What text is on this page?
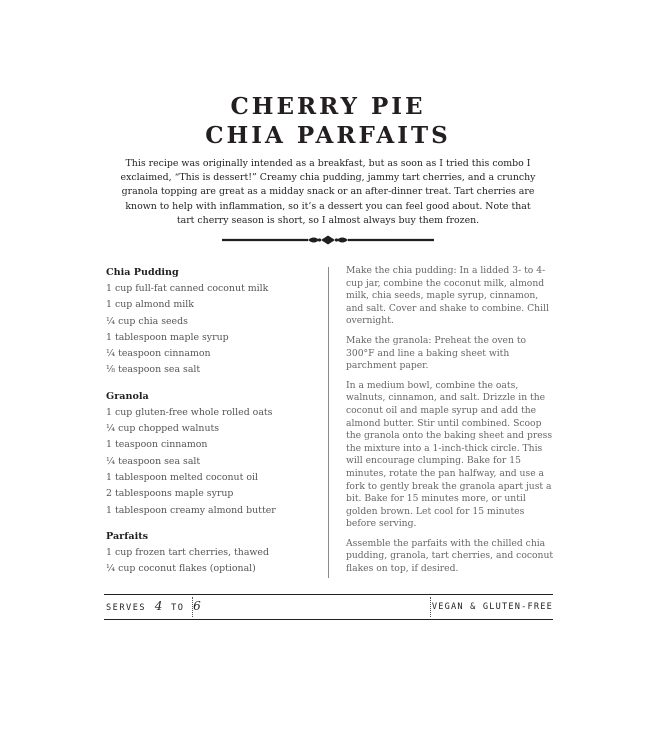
CHERRY PIE
CHIA PARFAITS
This recipe was originally intended as a breakfast, but as soon as I tried this combo I exclaimed, “This is dessert!” Creamy chia pudding, jammy tart cherries, and a crunchy granola topping are great as a midday snack or an after-dinner treat. Tart cherries are known to help with inflammation, so it’s a dessert you can feel good about. Note that tart cherry season is short, so I almost always buy them frozen.
Chia Pudding
1 cup full-fat canned coconut milk
1 cup almond milk
¼ cup chia seeds
1 tablespoon maple syrup
¼ teaspoon cinnamon
⅛ teaspoon sea salt
Granola
1 cup gluten-free whole rolled oats
¼ cup chopped walnuts
1 teaspoon cinnamon
¼ teaspoon sea salt
1 tablespoon melted coconut oil
2 tablespoons maple syrup
1 tablespoon creamy almond butter
Parfaits
1 cup frozen tart cherries, thawed
¼ cup coconut flakes (optional)

Make the chia pudding: In a lidded 3- to 4-cup jar, combine the coconut milk, almond milk, chia seeds, maple syrup, cinnamon, and salt. Cover and shake to combine. Chill overnight.

Make the granola: Preheat the oven to 300°F and line a baking sheet with parchment paper.

In a medium bowl, combine the oats, walnuts, cinnamon, and salt. Drizzle in the coconut oil and maple syrup and add the almond butter. Stir until combined. Scoop the granola onto the baking sheet and press the mixture into a 1-inch-thick circle. This will encourage clumping. Bake for 15 minutes, rotate the pan halfway, and use a fork to gently break the granola apart just a bit. Bake for 15 minutes more, or until golden brown. Let cool for 15 minutes before serving.

Assemble the parfaits with the chilled chia pudding, granola, tart cherries, and coconut flakes on top, if desired.

SERVES 4 TO 6	VEGAN & GLUTEN-FREE
